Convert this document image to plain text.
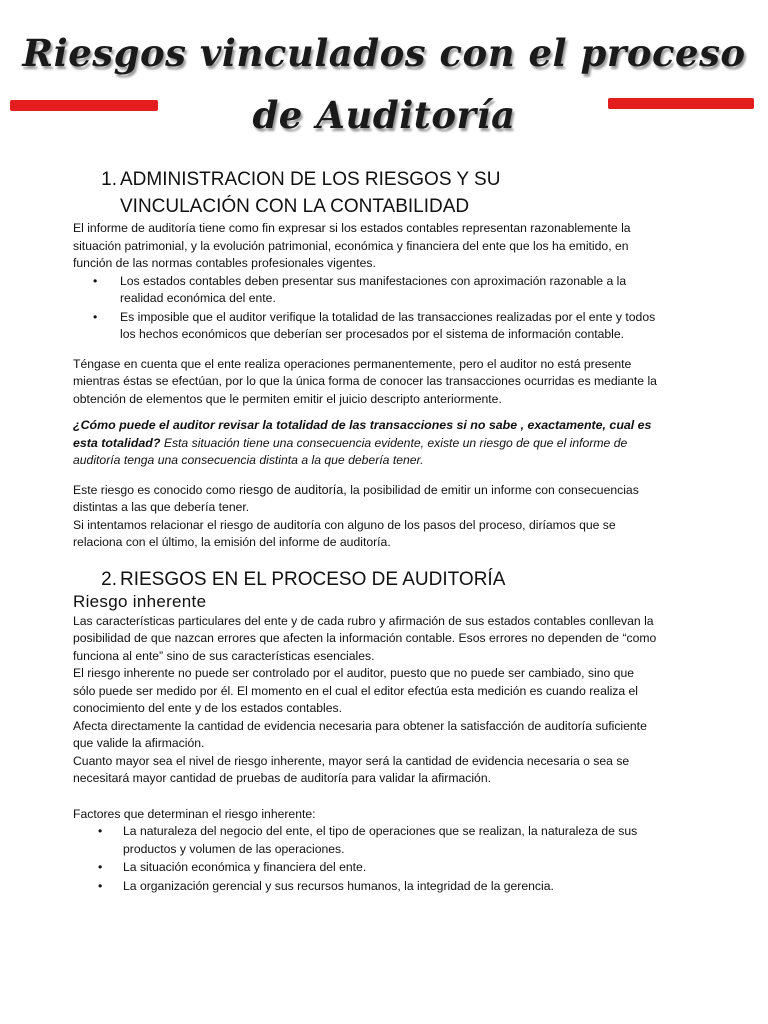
Riesgos vinculados con el proceso
de Auditoría
1. ADMINISTRACION DE LOS RIESGOS Y SU
VINCULACIÓN CON LA CONTABILIDAD

El informe de auditoría tiene como fin expresar si los estados contables representan razonablemente la situación patrimonial, y la evolución patrimonial, económica y financiera del ente que los ha emitido, en función de las normas contables profesionales vigentes.

• Los estados contables deben presentar sus manifestaciones con aproximación razonable a la realidad económica del ente.
• Es imposible que el auditor verifique la totalidad de las transacciones realizadas por el ente y todos los hechos económicos que deberían ser procesados por el sistema de información contable.

Téngase en cuenta que el ente realiza operaciones permanentemente, pero el auditor no está presente mientras éstas se efectúan, por lo que la única forma de conocer las transacciones ocurridas es mediante la obtención de elementos que le permiten emitir el juicio descripto anteriormente.

¿Cómo puede el auditor revisar la totalidad de las transacciones si no sabe , exactamente, cual es esta totalidad? Esta situación tiene una consecuencia evidente, existe un riesgo de que el informe de auditoría tenga una consecuencia distinta a la que debería tener.

Este riesgo es conocido como riesgo de auditoría, la posibilidad de emitir un informe con consecuencias distintas a las que debería tener.

Si intentamos relacionar el riesgo de auditoría con alguno de los pasos del proceso, diríamos que se relaciona con el último, la emisión del informe de auditoría.

2. RIESGOS EN EL PROCESO DE AUDITORÍA
Riesgo inherente

Las características particulares del ente y de cada rubro y afirmación de sus estados contables conllevan la posibilidad de que nazcan errores que afecten la información contable. Esos errores no dependen de “como funciona al ente” sino de sus características esenciales.

El riesgo inherente no puede ser controlado por el auditor, puesto que no puede ser cambiado, sino que sólo puede ser medido por él. El momento en el cual el editor efectúa esta medición es cuando realiza el conocimiento del ente y de los estados contables.

Afecta directamente la cantidad de evidencia necesaria para obtener la satisfacción de auditoría suficiente que valide la afirmación.

Cuanto mayor sea el nivel de riesgo inherente, mayor será la cantidad de evidencia necesaria o sea se necesitará mayor cantidad de pruebas de auditoría para validar la afirmación.

Factores que determinan el riesgo inherente:

• La naturaleza del negocio del ente, el tipo de operaciones que se realizan, la naturaleza de sus productos y volumen de las operaciones.
• La situación económica y financiera del ente.
• La organización gerencial y sus recursos humanos, la integridad de la gerencia.
